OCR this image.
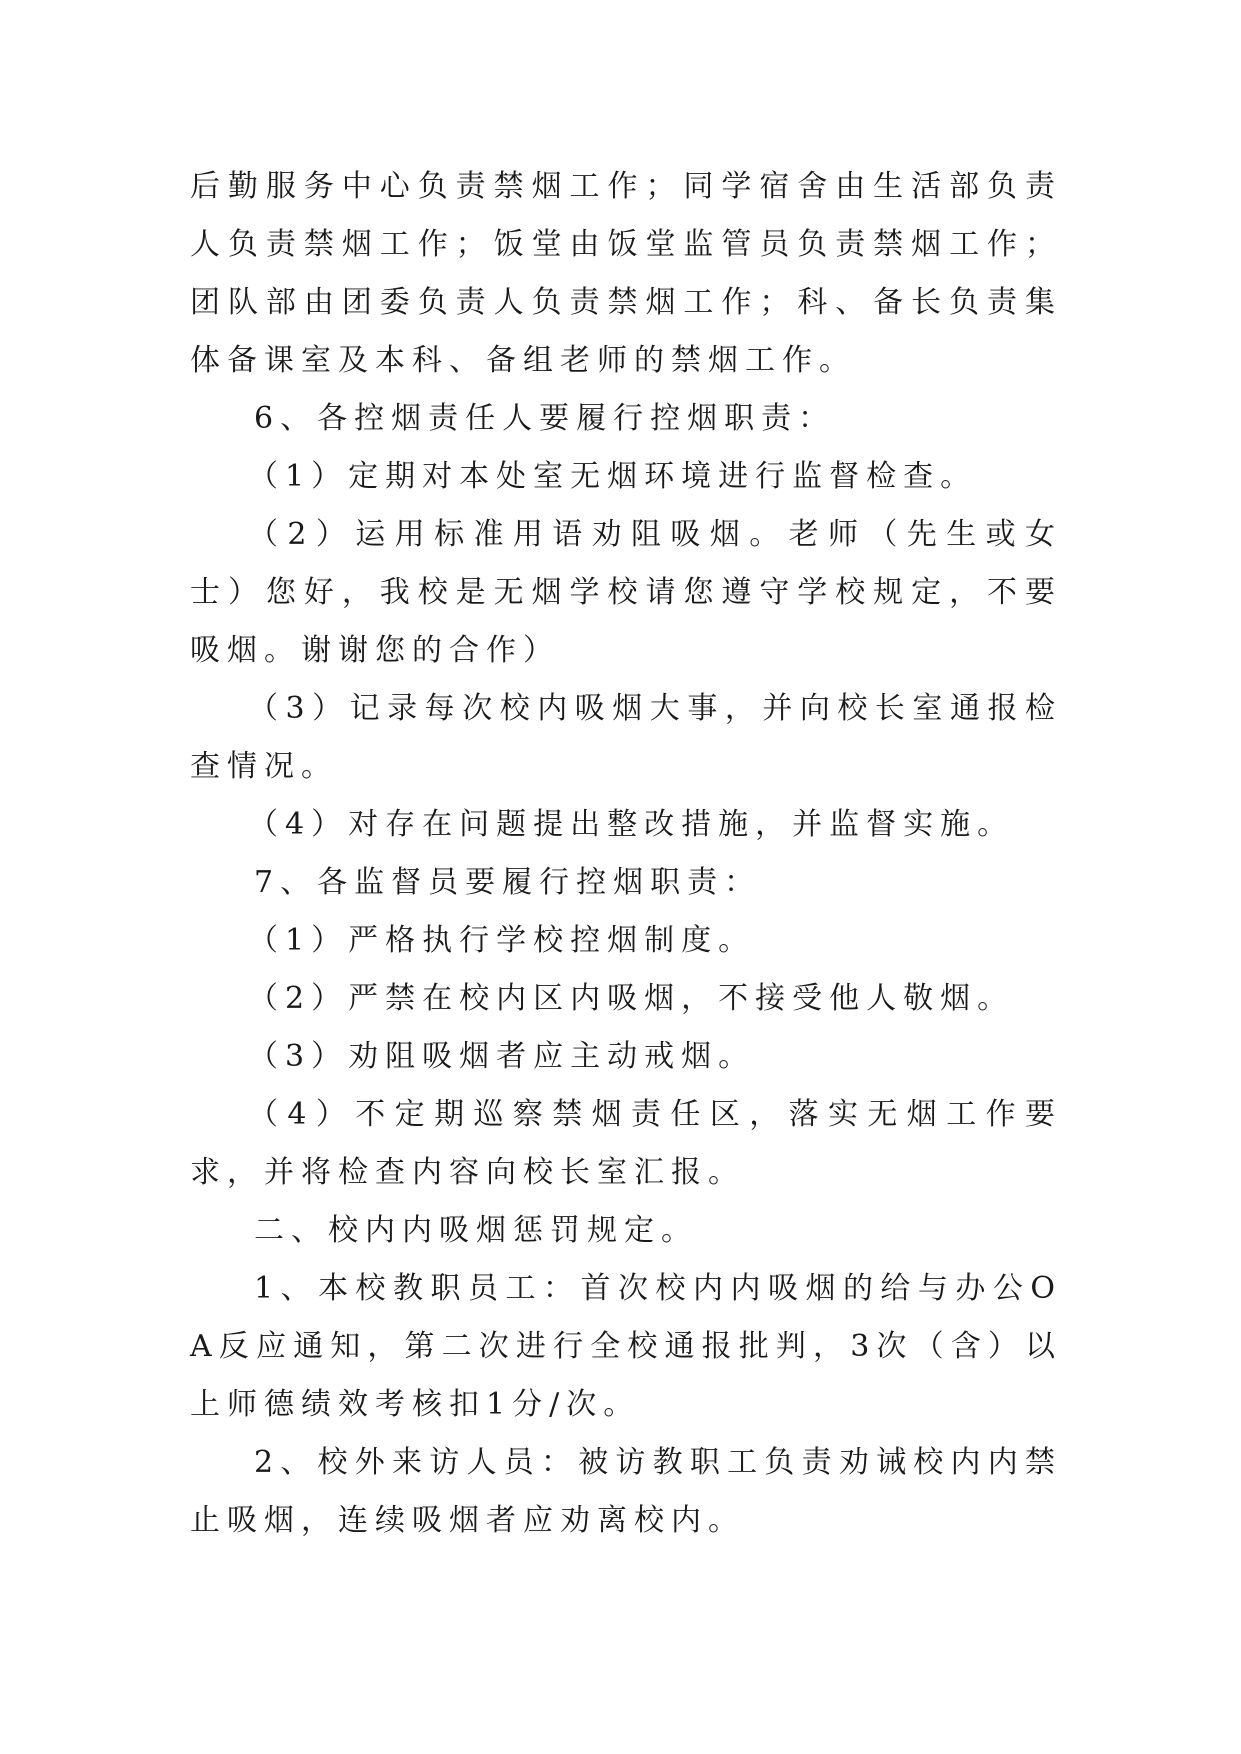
后勤服务中心负责禁烟工作；同学宿舍由生活部负责人负责禁烟工作；饭堂由饭堂监管员负责禁烟工作；团队部由团委负责人负责禁烟工作；科、备长负责集体备课室及本科、备组老师的禁烟工作。

6、各控烟责任人要履行控烟职责：

（1）定期对本处室无烟环境进行监督检查。

（2）运用标准用语劝阻吸烟。老师（先生或女士）您好，我校是无烟学校请您遵守学校规定，不要吸烟。谢谢您的合作）

（3）记录每次校内吸烟大事，并向校长室通报检查情况。

（4）对存在问题提出整改措施，并监督实施。

7、各监督员要履行控烟职责：

（1）严格执行学校控烟制度。

（2）严禁在校内区内吸烟，不接受他人敬烟。

（3）劝阻吸烟者应主动戒烟。

（4）不定期巡察禁烟责任区，落实无烟工作要求，并将检查内容向校长室汇报。

二、校内内吸烟惩罚规定。

1、本校教职员工：首次校内内吸烟的给与办公OA反应通知，第二次进行全校通报批判，3次（含）以上师德绩效考核扣1分/次。

2、校外来访人员：被访教职工负责劝诫校内内禁止吸烟，连续吸烟者应劝离校内。
